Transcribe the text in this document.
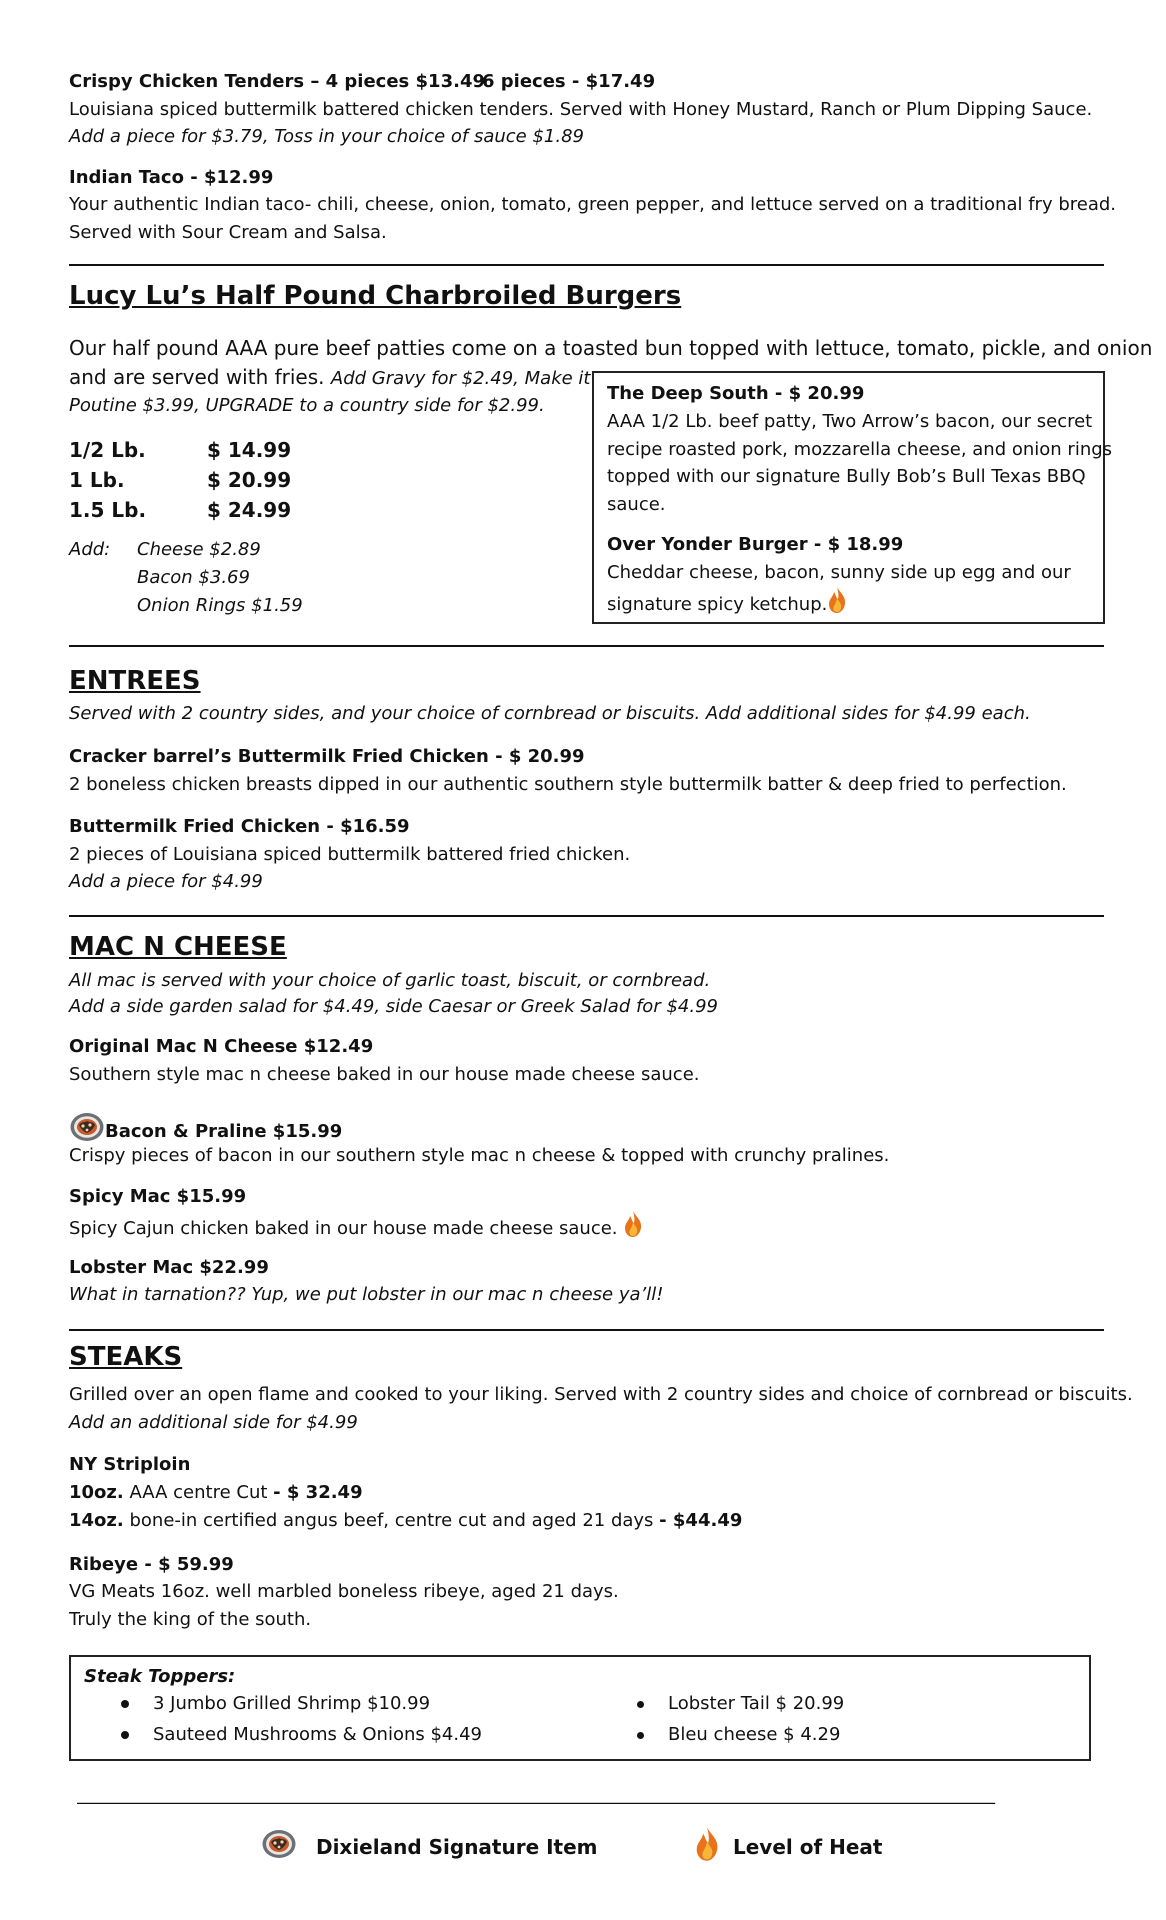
Crispy Chicken Tenders – 4 pieces $13.49
6 pieces - $17.49
Louisiana spiced buttermilk battered chicken tenders. Served with Honey Mustard, Ranch or Plum Dipping Sauce.
Add a piece for $3.79, Toss in your choice of sauce $1.89
Indian Taco - $12.99
Your authentic Indian taco- chili, cheese, onion, tomato, green pepper, and lettuce served on a traditional fry bread.
Served with Sour Cream and Salsa.
Lucy Lu’s Half Pound Charbroiled Burgers
Our half pound AAA pure beef patties come on a toasted bun topped with lettuce, tomato, pickle, and onion
and are served with fries. Add Gravy for $2.49, Make it
Poutine $3.99, UPGRADE to a country side for $2.99.
1/2 Lb.	$ 14.99
1 Lb.	$ 20.99
1.5 Lb.	$ 24.99
Add: Cheese $2.89
Bacon $3.69
Onion Rings $1.59
The Deep South - $ 20.99
AAA 1/2 Lb. beef patty, Two Arrow’s bacon, our secret
recipe roasted pork, mozzarella cheese, and onion rings
topped with our signature Bully Bob’s Bull Texas BBQ
sauce.
Over Yonder Burger - $ 18.99
Cheddar cheese, bacon, sunny side up egg and our
signature spicy ketchup.
ENTREES
Served with 2 country sides, and your choice of cornbread or biscuits. Add additional sides for $4.99 each.
Cracker barrel’s Buttermilk Fried Chicken - $ 20.99
2 boneless chicken breasts dipped in our authentic southern style buttermilk batter & deep fried to perfection.
Buttermilk Fried Chicken - $16.59
2 pieces of Louisiana spiced buttermilk battered fried chicken.
Add a piece for $4.99
MAC N CHEESE
All mac is served with your choice of garlic toast, biscuit, or cornbread.
Add a side garden salad for $4.49, side Caesar or Greek Salad for $4.99
Original Mac N Cheese $12.49
Southern style mac n cheese baked in our house made cheese sauce.
Bacon & Praline $15.99
Crispy pieces of bacon in our southern style mac n cheese & topped with crunchy pralines.
Spicy Mac $15.99
Spicy Cajun chicken baked in our house made cheese sauce.
Lobster Mac $22.99
What in tarnation?? Yup, we put lobster in our mac n cheese ya’ll!
STEAKS
Grilled over an open flame and cooked to your liking. Served with 2 country sides and choice of cornbread or biscuits.
Add an additional side for $4.99
NY Striploin
10oz. AAA centre Cut - $ 32.49
14oz. bone-in certified angus beef, centre cut and aged 21 days - $44.49
Ribeye - $ 59.99
VG Meats 16oz. well marbled boneless ribeye, aged 21 days.
Truly the king of the south.
Steak Toppers:
3 Jumbo Grilled Shrimp $10.99
Sauteed Mushrooms & Onions $4.49
Lobster Tail $ 20.99
Bleu cheese $ 4.29
______________________________________________________________________________________________________
Dixieland Signature Item	Level of Heat
